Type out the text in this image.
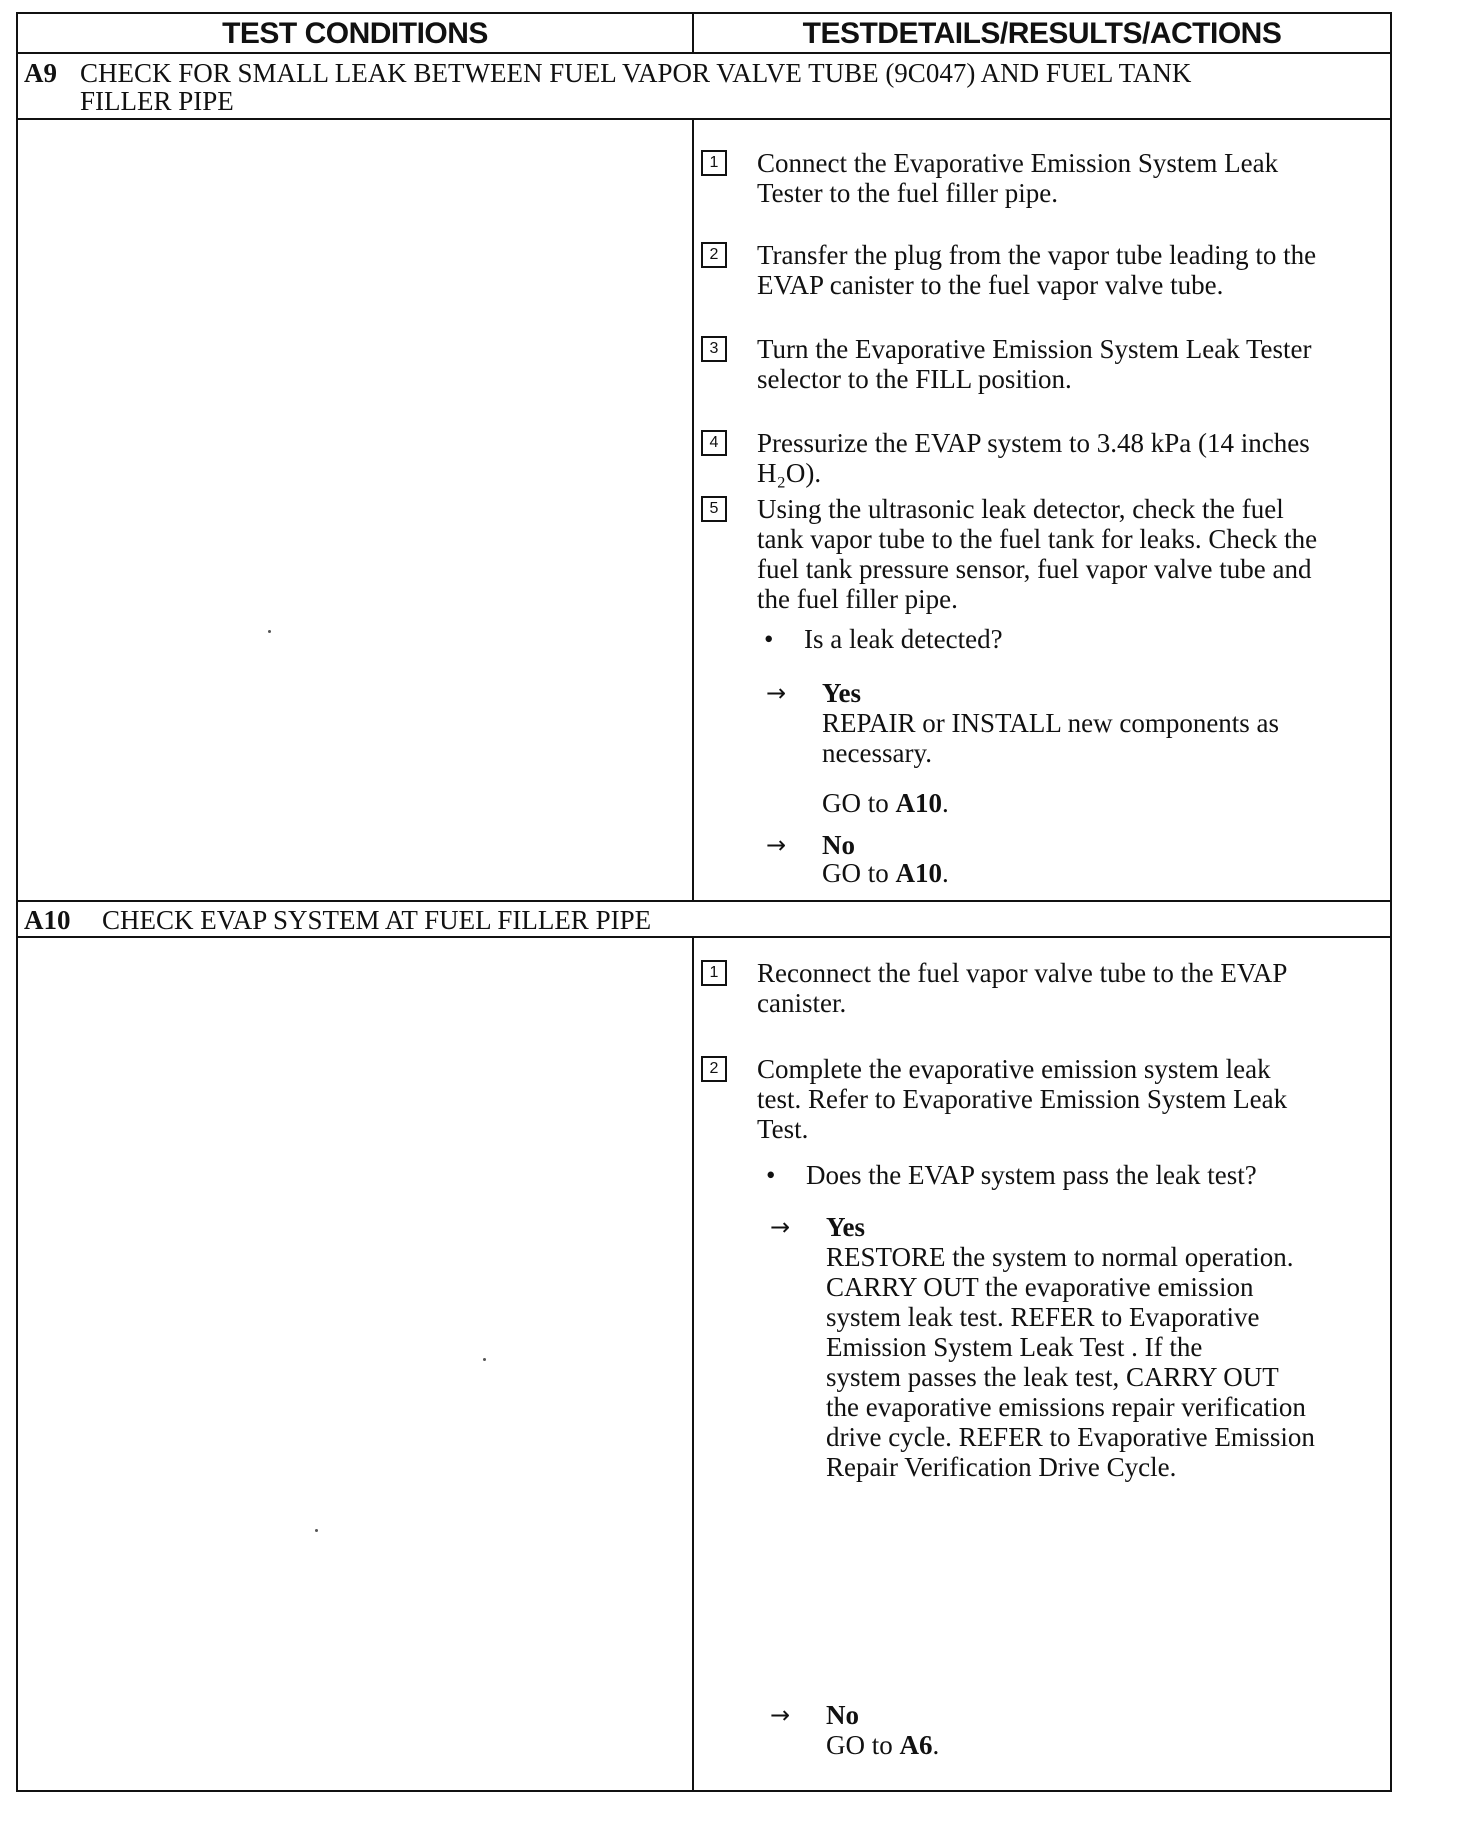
TEST CONDITIONS	TESTDETAILS/RESULTS/ACTIONS
A9 CHECK FOR SMALL LEAK BETWEEN FUEL VAPOR VALVE TUBE (9C047) AND FUEL TANK
FILLER PIPE
1	Connect the Evaporative Emission System Leak
Tester to the fuel filler pipe.
2	Transfer the plug from the vapor tube leading to the
EVAP canister to the fuel vapor valve tube.
3	Turn the Evaporative Emission System Leak Tester
selector to the FILL position.
4	Pressurize the EVAP system to 3.48 kPa (14 inches
H₂O).
5	Using the ultrasonic leak detector, check the fuel
tank vapor tube to the fuel tank for leaks. Check the
fuel tank pressure sensor, fuel vapor valve tube and
the fuel filler pipe.
• Is a leak detected?
→ Yes
REPAIR or INSTALL new components as
necessary.
GO to A10.
→ No
GO to A10.
A10 CHECK EVAP SYSTEM AT FUEL FILLER PIPE
1	Reconnect the fuel vapor valve tube to the EVAP
canister.
2	Complete the evaporative emission system leak
test. Refer to Evaporative Emission System Leak
Test.
• Does the EVAP system pass the leak test?
→ Yes
RESTORE the system to normal operation.
CARRY OUT the evaporative emission
system leak test. REFER to Evaporative
Emission System Leak Test . If the
system passes the leak test, CARRY OUT
the evaporative emissions repair verification
drive cycle. REFER to Evaporative Emission
Repair Verification Drive Cycle.
→ No
GO to A6.
